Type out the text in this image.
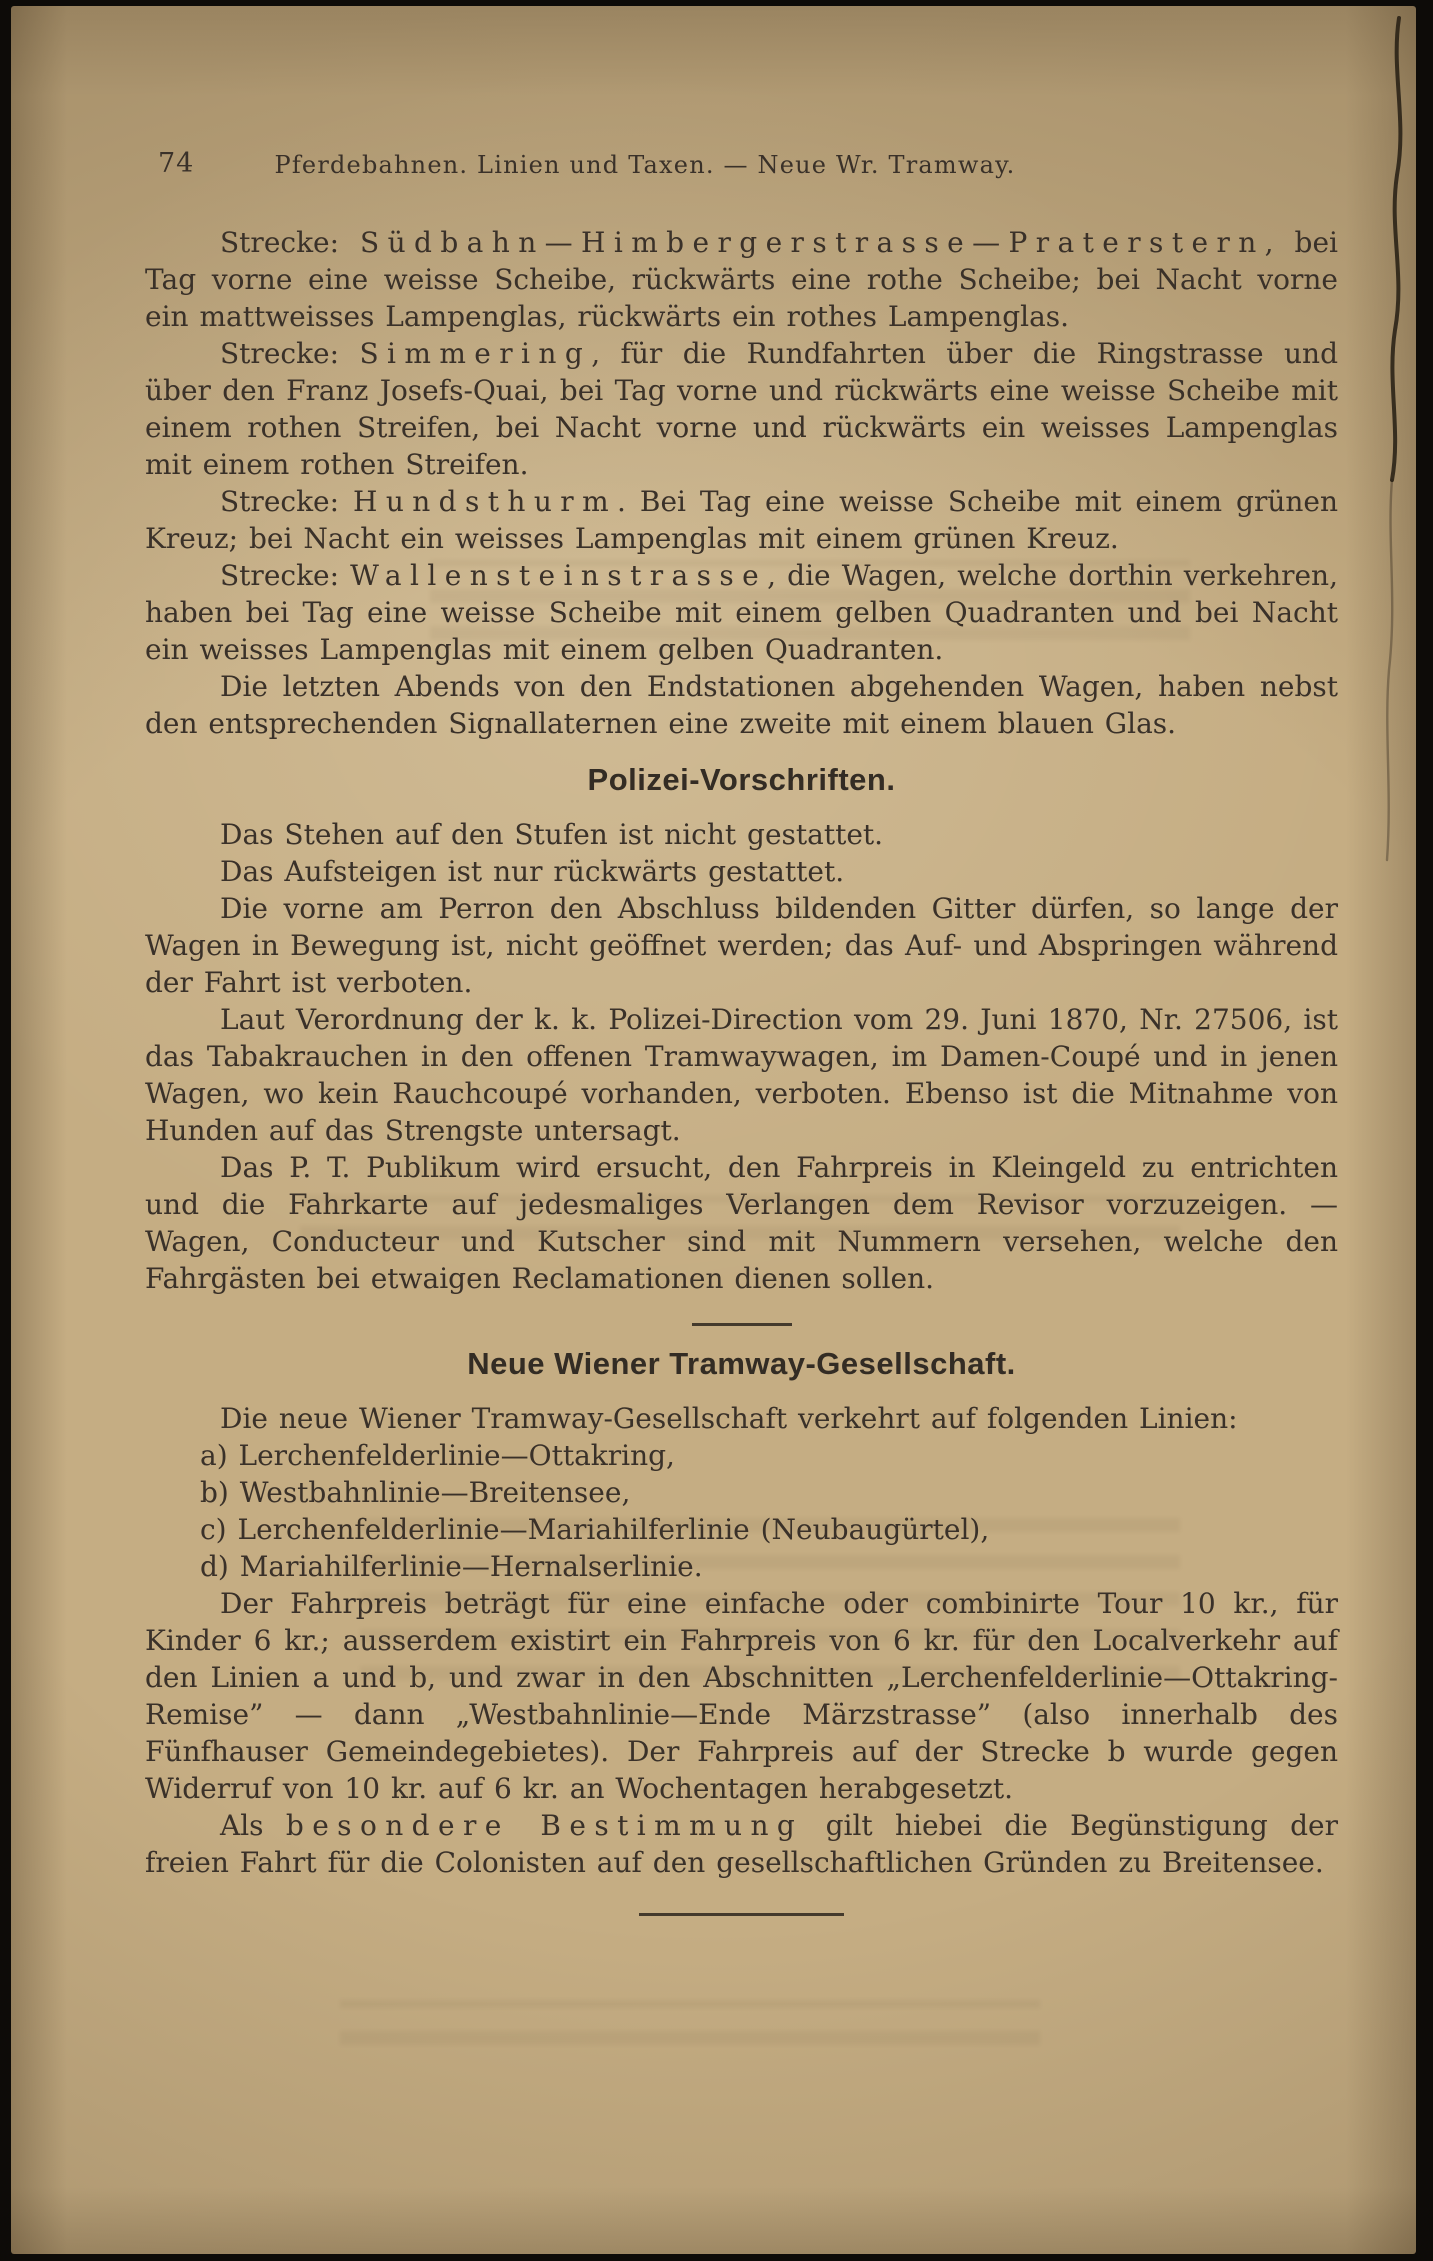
74	Pferdebahnen. Linien und Taxen. — Neue Wr. Tramway.

Strecke: Südbahn—Himbergerstrasse—Praterstern, bei Tag vorne eine weisse Scheibe, rückwärts eine rothe Scheibe; bei Nacht vorne ein mattweisses Lampenglas, rückwärts ein rothes Lampenglas.

Strecke: Simmering, für die Rundfahrten über die Ringstrasse und über den Franz Josefs-Quai, bei Tag vorne und rückwärts eine weisse Scheibe mit einem rothen Streifen, bei Nacht vorne und rückwärts ein weisses Lampenglas mit einem rothen Streifen.

Strecke: Hundsthurm. Bei Tag eine weisse Scheibe mit einem grünen Kreuz; bei Nacht ein weisses Lampenglas mit einem grünen Kreuz.

Strecke: Wallensteinstrasse, die Wagen, welche dorthin verkehren, haben bei Tag eine weisse Scheibe mit einem gelben Quadranten und bei Nacht ein weisses Lampenglas mit einem gelben Quadranten.

Die letzten Abends von den Endstationen abgehenden Wagen, haben nebst den entsprechenden Signallaternen eine zweite mit einem blauen Glas.

Polizei-Vorschriften.

Das Stehen auf den Stufen ist nicht gestattet.

Das Aufsteigen ist nur rückwärts gestattet.

Die vorne am Perron den Abschluss bildenden Gitter dürfen, so lange der Wagen in Bewegung ist, nicht geöffnet werden; das Auf- und Abspringen während der Fahrt ist verboten.

Laut Verordnung der k. k. Polizei-Direction vom 29. Juni 1870, Nr. 27506, ist das Tabakrauchen in den offenen Tramwaywagen, im Damen-Coupé und in jenen Wagen, wo kein Rauchcoupé vorhanden, verboten. Ebenso ist die Mitnahme von Hunden auf das Strengste untersagt.

Das P. T. Publikum wird ersucht, den Fahrpreis in Kleingeld zu entrichten und die Fahrkarte auf jedesmaliges Verlangen dem Revisor vorzuzeigen. — Wagen, Conducteur und Kutscher sind mit Nummern versehen, welche den Fahrgästen bei etwaigen Reclamationen dienen sollen.

Neue Wiener Tramway-Gesellschaft.

Die neue Wiener Tramway-Gesellschaft verkehrt auf folgenden Linien:

a) Lerchenfelderlinie—Ottakring,

b) Westbahnlinie—Breitensee,

c) Lerchenfelderlinie—Mariahilferlinie (Neubaugürtel),

d) Mariahilferlinie—Hernalserlinie.

Der Fahrpreis beträgt für eine einfache oder combinirte Tour 10 kr., für Kinder 6 kr.; ausserdem existirt ein Fahrpreis von 6 kr. für den Localverkehr auf den Linien a und b, und zwar in den Abschnitten „Lerchenfelderlinie—Ottakring-Remise” — dann „Westbahnlinie—Ende Märzstrasse” (also innerhalb des Fünfhauser Gemeindegebietes). Der Fahrpreis auf der Strecke b wurde gegen Widerruf von 10 kr. auf 6 kr. an Wochentagen herabgesetzt.

Als besondere Bestimmung gilt hiebei die Begünstigung der freien Fahrt für die Colonisten auf den gesellschaftlichen Gründen zu Breitensee.
